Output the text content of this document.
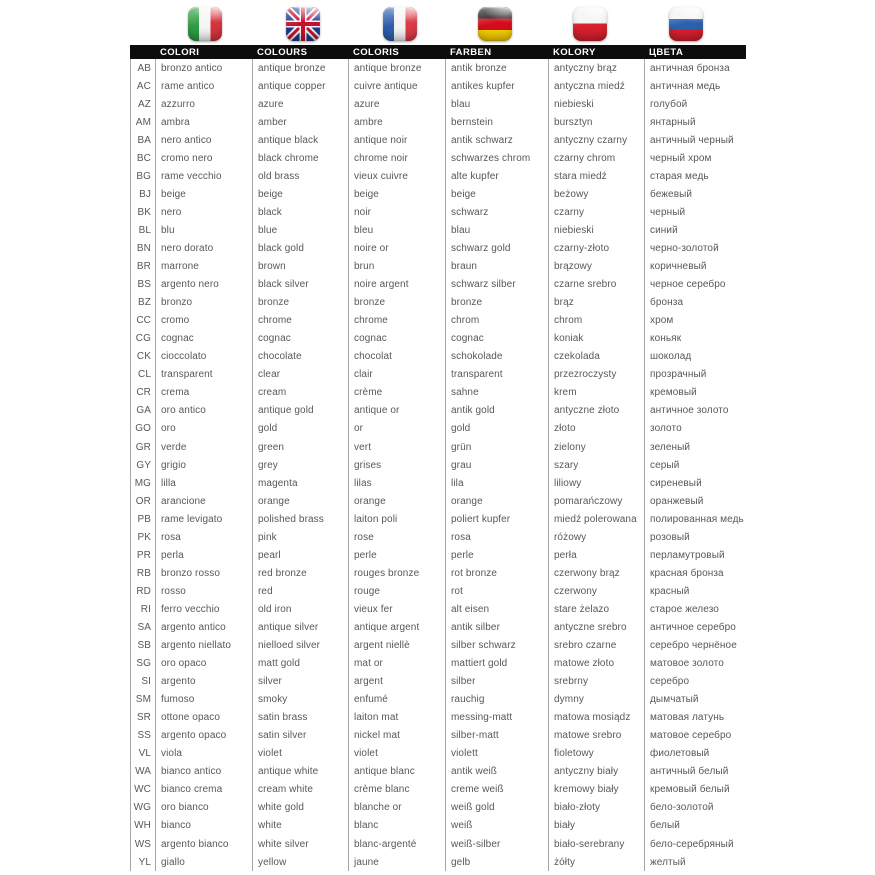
COLORI	COLOURS	COLORIS	FARBEN	KOLORY	ЦВЕТА
AB	bronzo antico	antique bronze	antique bronze	antik bronze	antyczny brąz	античная бронза
AC	rame antico	antique copper	cuivre antique	antikes kupfer	antyczna miedź	античная медь
AZ	azzurro	azure	azure	blau	niebieski	голубой
AM	ambra	amber	ambre	bernstein	bursztyn	янтарный
BA	nero antico	antique black	antique noir	antik schwarz	antyczny czarny	античный черный
BC	cromo nero	black chrome	chrome noir	schwarzes chrom	czarny chrom	черный хром
BG	rame vecchio	old brass	vieux cuivre	alte kupfer	stara miedź	старая медь
BJ	beige	beige	beige	beige	beżowy	бежевый
BK	nero	black	noir	schwarz	czarny	черный
BL	blu	blue	bleu	blau	niebieski	синий
BN	nero dorato	black gold	noire or	schwarz gold	czarny-złoto	черно-золотой
BR	marrone	brown	brun	braun	brązowy	коричневый
BS	argento nero	black silver	noire argent	schwarz silber	czarne srebro	черное серебро
BZ	bronzo	bronze	bronze	bronze	brąz	бронза
CC	cromo	chrome	chrome	chrom	chrom	хром
CG	cognac	cognac	cognac	cognac	koniak	коньяк
CK	cioccolato	chocolate	chocolat	schokolade	czekolada	шоколад
CL	transparent	clear	clair	transparent	przezroczysty	прозрачный
CR	crema	cream	crème	sahne	krem	кремовый
GA	oro antico	antique gold	antique or	antik gold	antyczne złoto	античное золото
GO	oro	gold	or	gold	złoto	золото
GR	verde	green	vert	grün	zielony	зеленый
GY	grigio	grey	grises	grau	szary	серый
MG	lilla	magenta	lilas	lila	liliowy	сиреневый
OR	arancione	orange	orange	orange	pomarańczowy	оранжевый
PB	rame levigato	polished brass	laiton poli	poliert kupfer	miedź polerowana	полированная медь
PK	rosa	pink	rose	rosa	różowy	розовый
PR	perla	pearl	perle	perle	perła	перламутровый
RB	bronzo rosso	red bronze	rouges bronze	rot bronze	czerwony brąz	красная бронза
RD	rosso	red	rouge	rot	czerwony	красный
RI	ferro vecchio	old iron	vieux fer	alt eisen	stare żelazo	старое железо
SA	argento antico	antique silver	antique argent	antik silber	antyczne srebro	античное серебро
SB	argento niellato	nielloed silver	argent niellè	silber schwarz	srebro czarne	серебро чернёное
SG	oro opaco	matt gold	mat or	mattiert gold	matowe złoto	матовое золото
SI	argento	silver	argent	silber	srebrny	серебро
SM	fumoso	smoky	enfumé	rauchig	dymny	дымчатый
SR	ottone opaco	satin brass	laiton mat	messing-matt	matowa mosiądz	матовая латунь
SS	argento opaco	satin silver	nickel mat	silber-matt	matowe srebro	матовое серебро
VL	viola	violet	violet	violett	fioletowy	фиолетовый
WA	bianco antico	antique white	antique blanc	antik weiß	antyczny biały	античный белый
WC	bianco crema	cream white	crème blanc	creme weiß	kremowy biały	кремовый белый
WG	oro bianco	white gold	blanche or	weiß gold	biało-złoty	бело-золотой
WH	bianco	white	blanc	weiß	biały	белый
WS	argento bianco	white silver	blanc-argenté	weiß-silber	biało-serebrany	бело-серебряный
YL	giallo	yellow	jaune	gelb	żółty	желтый
